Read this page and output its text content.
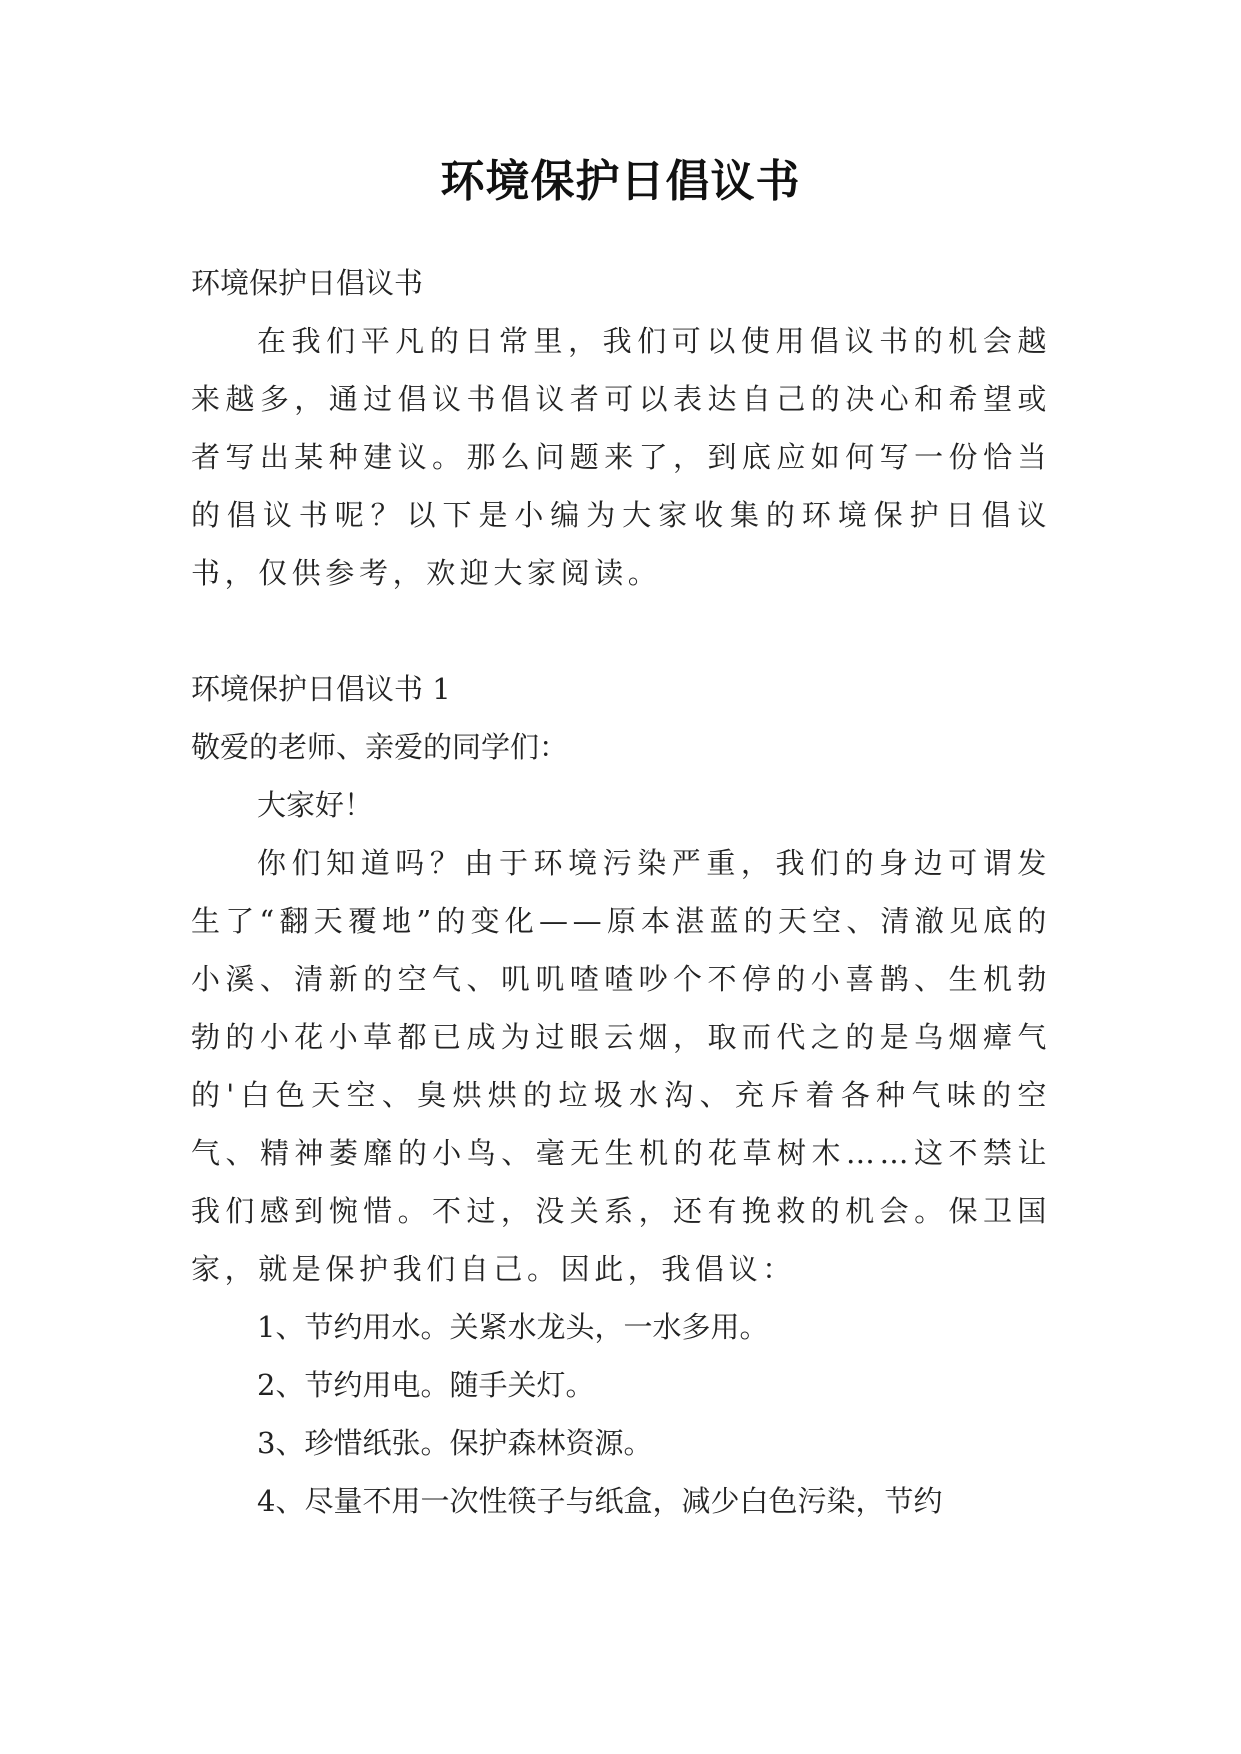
环境保护日倡议书
环境保护日倡议书
在我们平凡的日常里，我们可以使用倡议书的机会越来越多，通过倡议书倡议者可以表达自己的决心和希望或者写出某种建议。那么问题来了，到底应如何写一份恰当的倡议书呢？以下是小编为大家收集的环境保护日倡议书，仅供参考，欢迎大家阅读。
环境保护日倡议书 1
敬爱的老师、亲爱的同学们：
大家好！
你们知道吗？由于环境污染严重，我们的身边可谓发生了“翻天覆地”的变化——原本湛蓝的天空、清澈见底的小溪、清新的空气、叽叽喳喳吵个不停的小喜鹊、生机勃勃的小花小草都已成为过眼云烟，取而代之的是乌烟瘴气的'白色天空、臭烘烘的垃圾水沟、充斥着各种气味的空气、精神萎靡的小鸟、毫无生机的花草树木……这不禁让我们感到惋惜。不过，没关系，还有挽救的机会。保卫国家，就是保护我们自己。因此，我倡议：
1、节约用水。关紧水龙头，一水多用。
2、节约用电。随手关灯。
3、珍惜纸张。保护森林资源。
4、尽量不用一次性筷子与纸盒，减少白色污染，节约
